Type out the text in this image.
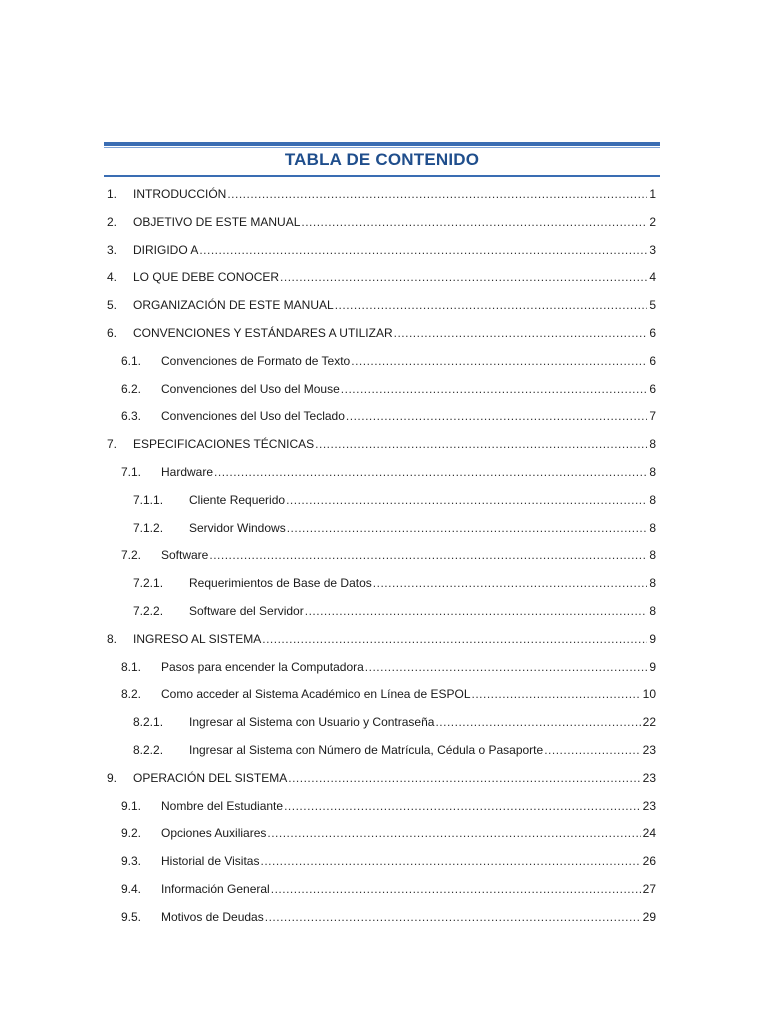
TABLA DE CONTENIDO
1. INTRODUCCIÓN .....	1
2. OBJETIVO DE ESTE MANUAL .....	2
3. DIRIGIDO A .....	3
4. LO QUE DEBE CONOCER .....	4
5. ORGANIZACIÓN DE ESTE MANUAL .....	5
6. CONVENCIONES Y ESTÁNDARES A UTILIZAR .....	6
6.1. Convenciones de Formato de Texto .....	6
6.2. Convenciones del Uso del Mouse .....	6
6.3. Convenciones del Uso del Teclado .....	7
7. ESPECIFICACIONES TÉCNICAS .....	8
7.1. Hardware .....	8
7.1.1. Cliente Requerido .....	8
7.1.2. Servidor Windows .....	8
7.2. Software .....	8
7.2.1. Requerimientos de Base de Datos .....	8
7.2.2. Software del Servidor .....	8
8. INGRESO AL SISTEMA .....	9
8.1. Pasos para encender la Computadora .....	9
8.2. Como acceder al Sistema Académico en Línea de ESPOL .....	10
8.2.1. Ingresar al Sistema con Usuario y Contraseña .....	22
8.2.2. Ingresar al Sistema con Número de Matrícula, Cédula o Pasaporte .....	23
9. OPERACIÓN DEL SISTEMA .....	23
9.1. Nombre del Estudiante .....	23
9.2. Opciones Auxiliares .....	24
9.3. Historial de Visitas .....	26
9.4. Información General .....	27
9.5. Motivos de Deudas .....	29
